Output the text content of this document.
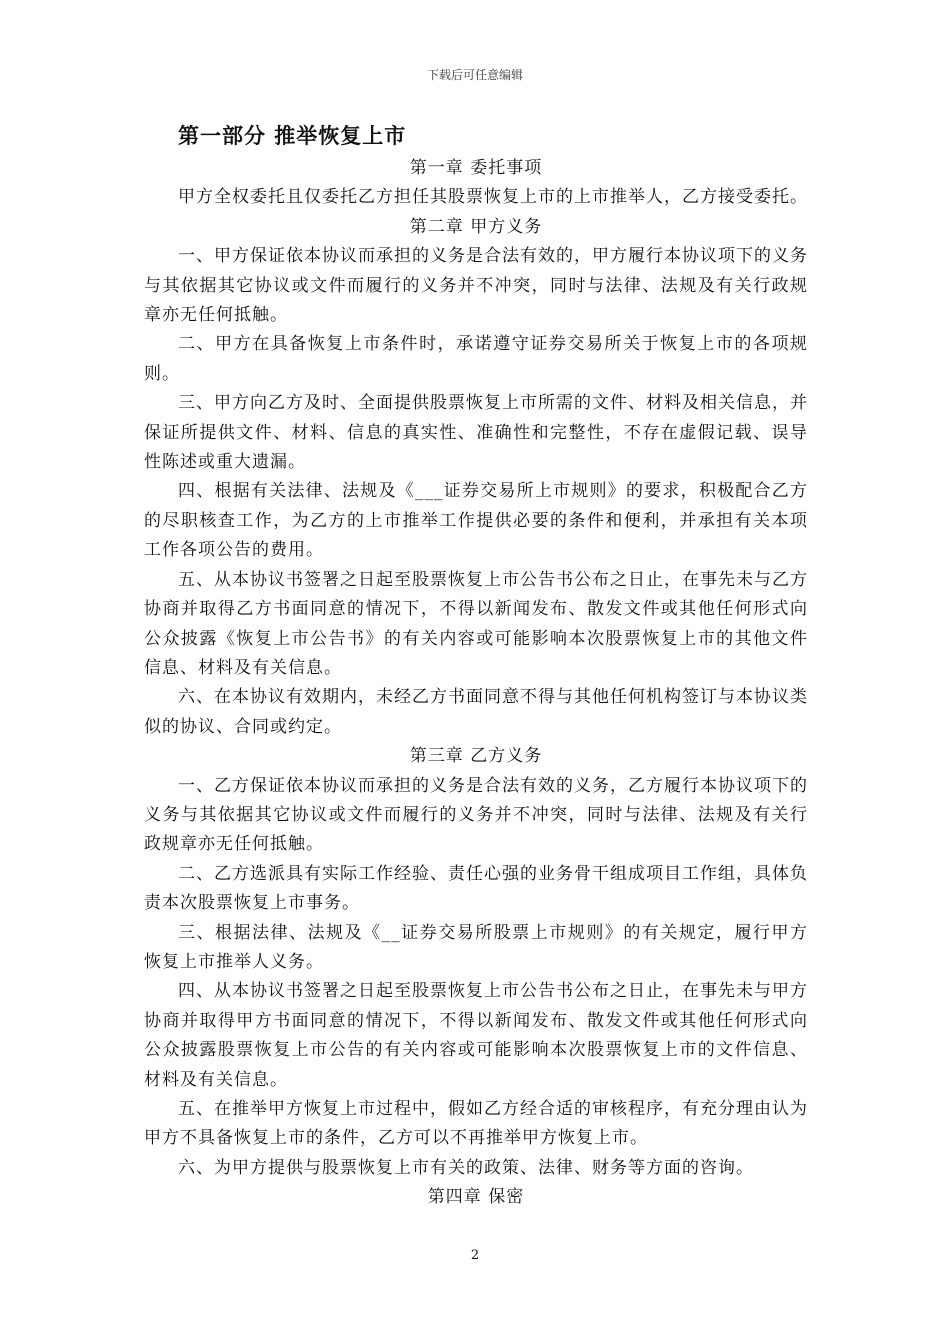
下载后可任意编辑
第一部分 推举恢复上市
第一章 委托事项

甲方全权委托且仅委托乙方担任其股票恢复上市的上市推举人，乙方接受委托。

第二章 甲方义务

一、甲方保证依本协议而承担的义务是合法有效的，甲方履行本协议项下的义务与其依据其它协议或文件而履行的义务并不冲突，同时与法律、法规及有关行政规章亦无任何抵触。

二、甲方在具备恢复上市条件时，承诺遵守证券交易所关于恢复上市的各项规则。

三、甲方向乙方及时、全面提供股票恢复上市所需的文件、材料及相关信息，并保证所提供文件、材料、信息的真实性、准确性和完整性，不存在虚假记载、误导性陈述或重大遗漏。

四、根据有关法律、法规及《___证券交易所上市规则》的要求，积极配合乙方的尽职核查工作，为乙方的上市推举工作提供必要的条件和便利，并承担有关本项工作各项公告的费用。

五、从本协议书签署之日起至股票恢复上市公告书公布之日止，在事先未与乙方协商并取得乙方书面同意的情况下，不得以新闻发布、散发文件或其他任何形式向公众披露《恢复上市公告书》的有关内容或可能影响本次股票恢复上市的其他文件信息、材料及有关信息。

六、在本协议有效期内，未经乙方书面同意不得与其他任何机构签订与本协议类似的协议、合同或约定。

第三章 乙方义务

一、乙方保证依本协议而承担的义务是合法有效的义务，乙方履行本协议项下的义务与其依据其它协议或文件而履行的义务并不冲突，同时与法律、法规及有关行政规章亦无任何抵触。

二、乙方选派具有实际工作经验、责任心强的业务骨干组成项目工作组，具体负责本次股票恢复上市事务。

三、根据法律、法规及《__证券交易所股票上市规则》的有关规定，履行甲方恢复上市推举人义务。

四、从本协议书签署之日起至股票恢复上市公告书公布之日止，在事先未与甲方协商并取得甲方书面同意的情况下，不得以新闻发布、散发文件或其他任何形式向公众披露股票恢复上市公告的有关内容或可能影响本次股票恢复上市的文件信息、材料及有关信息。

五、在推举甲方恢复上市过程中，假如乙方经合适的审核程序，有充分理由认为甲方不具备恢复上市的条件，乙方可以不再推举甲方恢复上市。

六、为甲方提供与股票恢复上市有关的政策、法律、财务等方面的咨询。

第四章 保密
2
